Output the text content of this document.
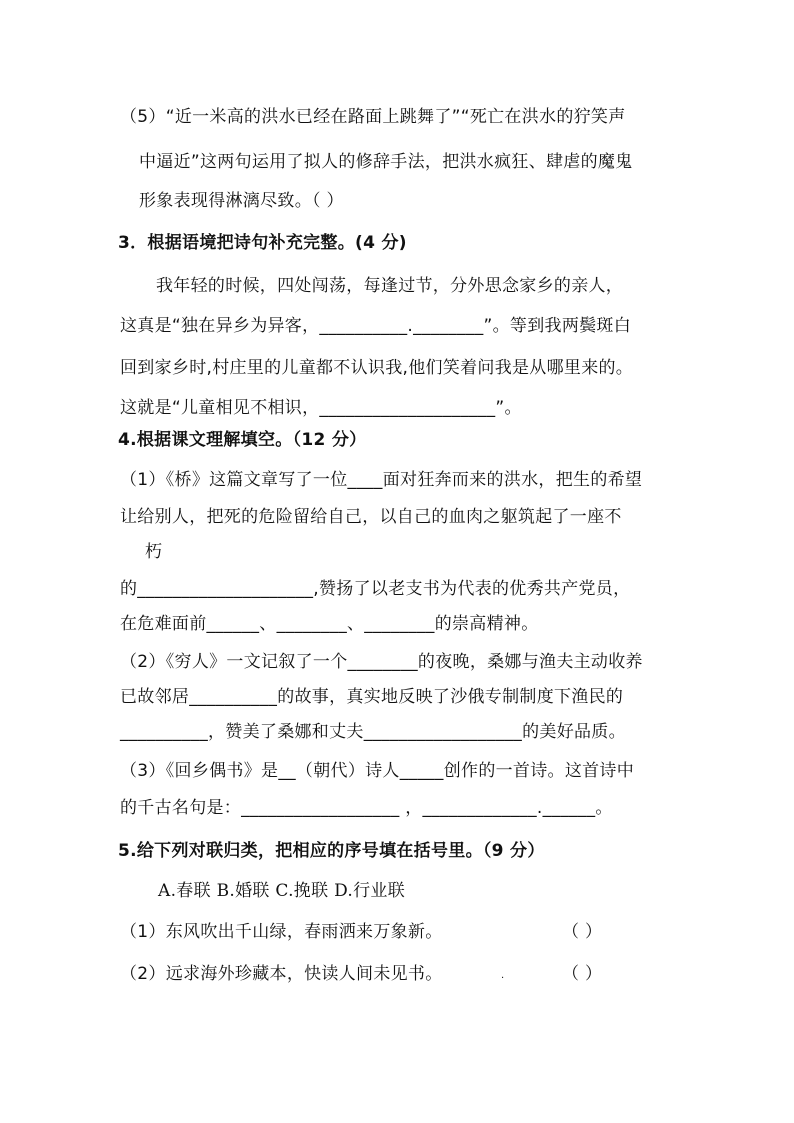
（5）“近一米高的洪水已经在路面上跳舞了”“死亡在洪水的狞笑声
中逼近”这两句运用了拟人的修辞手法，把洪水疯狂、肆虐的魔鬼
形象表现得淋漓尽致。（ ）
3．根据语境把诗句补充完整。(4 分)
我年轻的时候，四处闯荡，每逢过节，分外思念家乡的亲人，
这真是“独在异乡为异客，__________.________”。等到我两鬓斑白
回到家乡时,村庄里的儿童都不认识我,他们笑着问我是从哪里来的。
这就是“儿童相见不相识，____________________”。
4.根据课文理解填空。（12 分）
（1）《桥》这篇文章写了一位____面对狂奔而来的洪水，把生的希望
让给别人，把死的危险留给自己，以自己的血肉之躯筑起了一座不
朽
的____________________,赞扬了以老支书为代表的优秀共产党员，
在危难面前______、________、________的崇高精神。
（2）《穷人》一文记叙了一个________的夜晚，桑娜与渔夫主动收养
已故邻居__________的故事，真实地反映了沙俄专制制度下渔民的
__________，赞美了桑娜和丈夫__________________的美好品质。
（3）《回乡偶书》是__（朝代）诗人_____创作的一首诗。这首诗中
的千古名句是：__________________ ，_____________.______。
5.给下列对联归类，把相应的序号填在括号里。（9 分）
A.春联 B.婚联 C.挽联 D.行业联
（1）东风吹出千山绿，春雨洒来万象新。	（ ）
（2）远求海外珍藏本，快读人间未见书。	.	（ ）
